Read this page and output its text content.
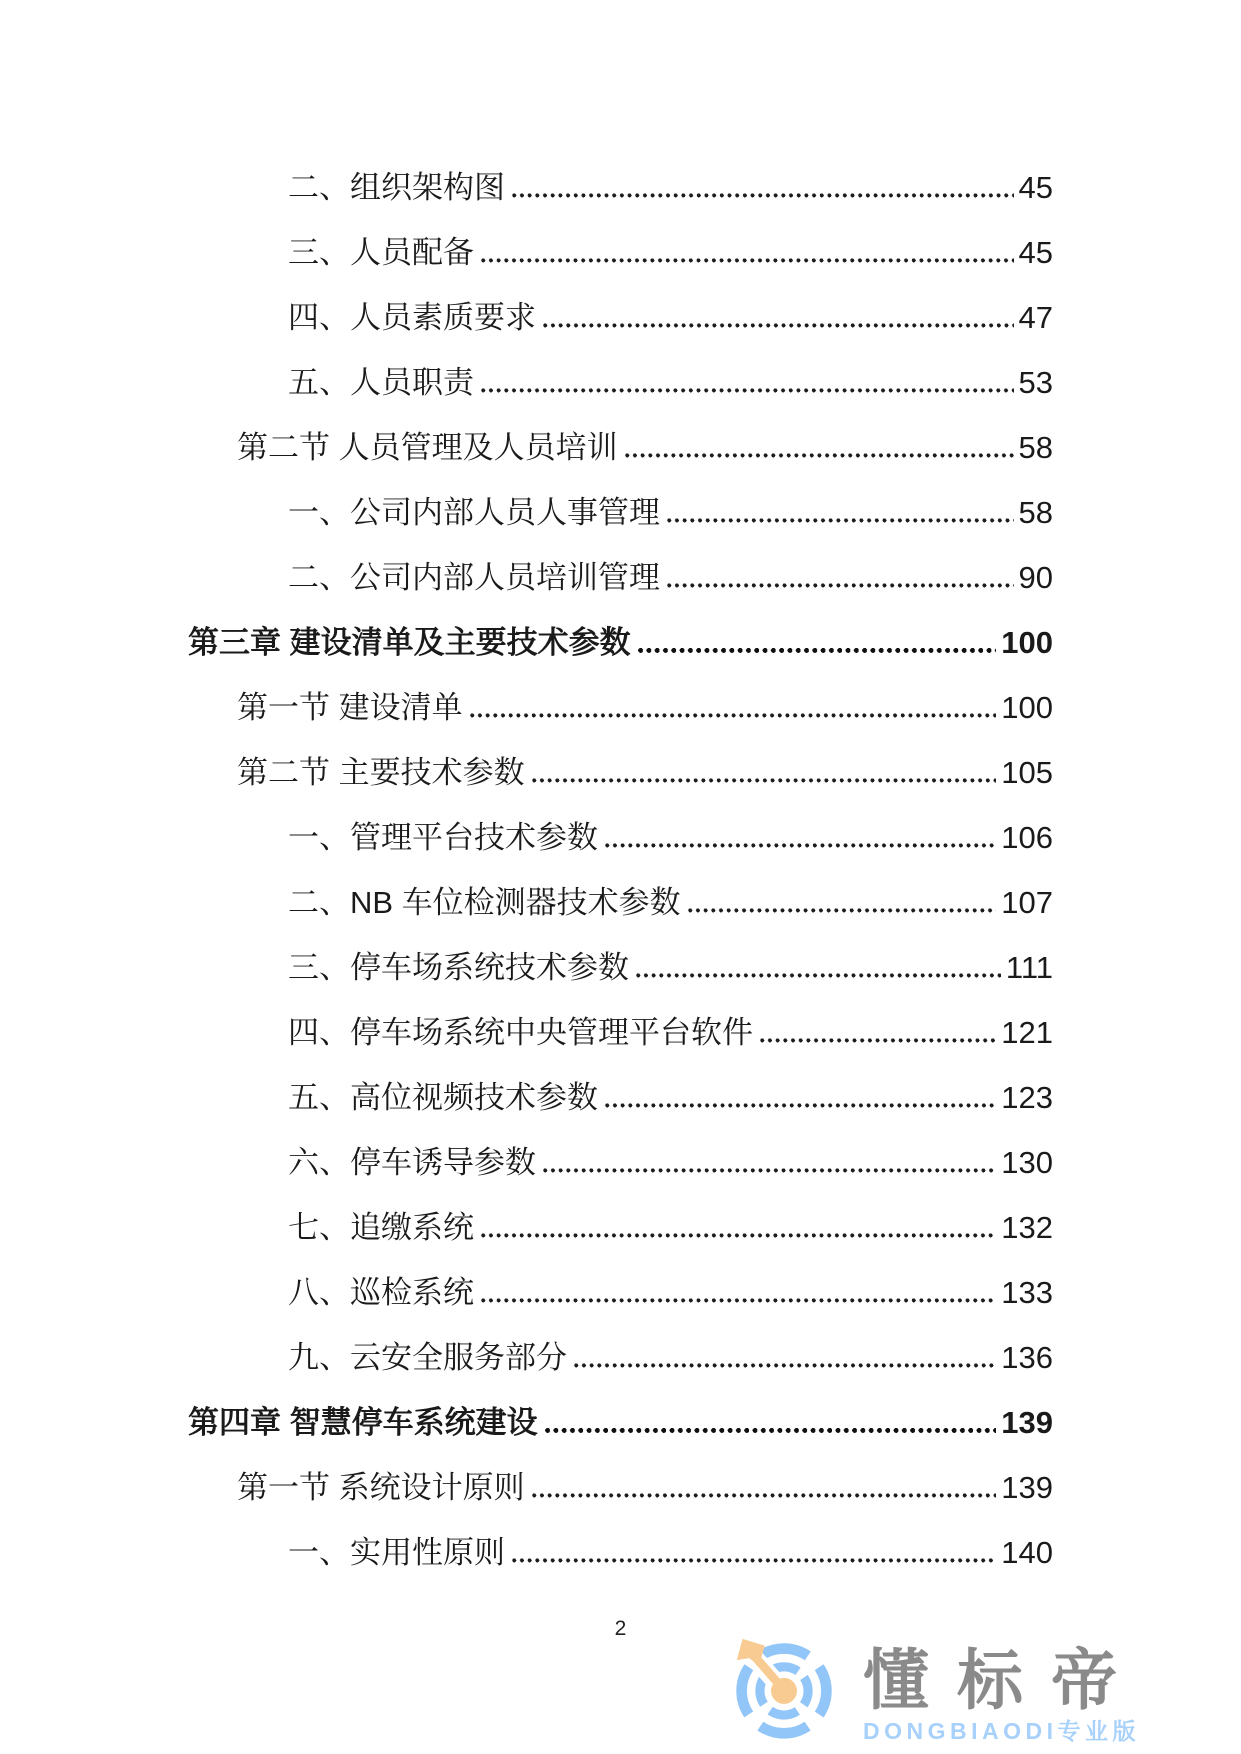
二、组织架构图	45
三、人员配备	45
四、人员素质要求	47
五、人员职责	53
第二节 人员管理及人员培训	58
一、公司内部人员人事管理	58
二、公司内部人员培训管理	90
第三章 建设清单及主要技术参数	100
第一节 建设清单	100
第二节 主要技术参数	105
一、管理平台技术参数	106
二、NB 车位检测器技术参数	107
三、停车场系统技术参数	111
四、停车场系统中央管理平台软件	121
五、高位视频技术参数	123
六、停车诱导参数	130
七、追缴系统	132
八、巡检系统	133
九、云安全服务部分	136
第四章 智慧停车系统建设	139
第一节 系统设计原则	139
一、实用性原则	140
2
懂标帝
DONGBIAODI专业版
